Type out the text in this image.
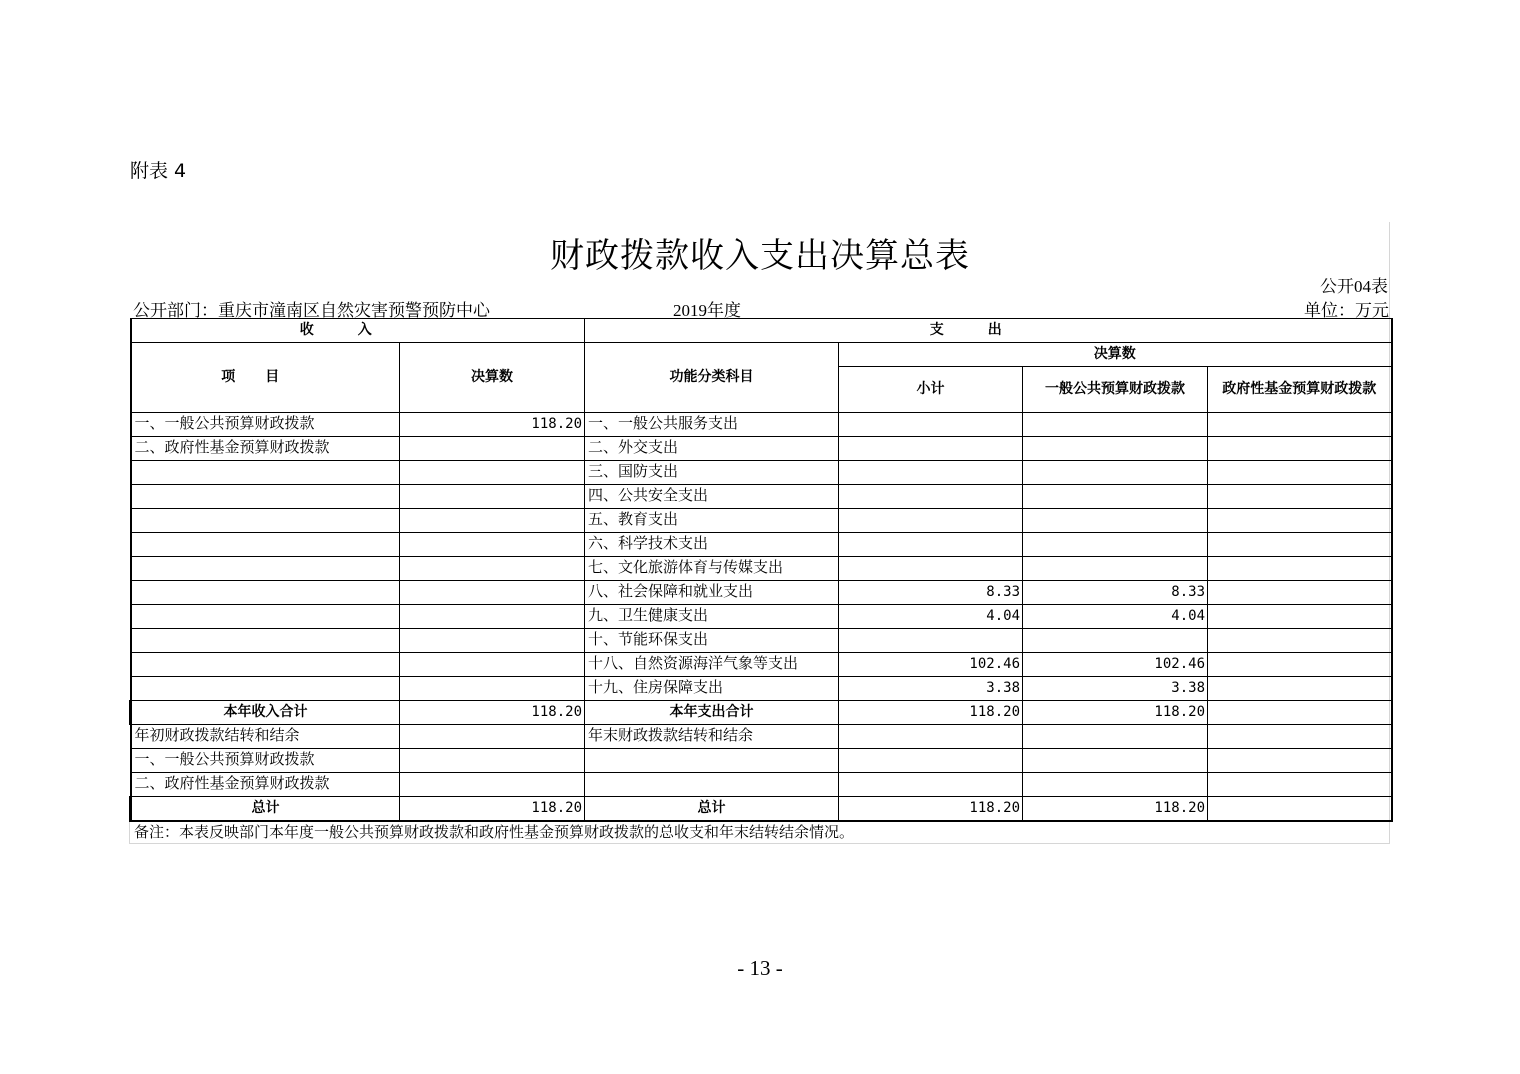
附表 4
财政拨款收入支出决算总表
公开04表
公开部门：重庆市潼南区自然灾害预警预防中心	2019年度	单位：万元
收入		支出			
项目	决算数	功能分类科目	决算数		
			小计	一般公共预算财政拨款	政府性基金预算财政拨款
一、一般公共预算财政拨款	118.20	一、一般公共服务支出			
二、政府性基金预算财政拨款		二、外交支出			
		三、国防支出			
		四、公共安全支出			
		五、教育支出			
		六、科学技术支出			
		七、文化旅游体育与传媒支出			
		八、社会保障和就业支出	8.33	8.33	
		九、卫生健康支出	4.04	4.04	
		十、节能环保支出			
		十八、自然资源海洋气象等支出	102.46	102.46	
		十九、住房保障支出	3.38	3.38	
本年收入合计	118.20	本年支出合计	118.20	118.20	
年初财政拨款结转和结余		年末财政拨款结转和结余			
一、一般公共预算财政拨款					
二、政府性基金预算财政拨款					
总计	118.20	总计	118.20	118.20	
备注：本表反映部门本年度一般公共预算财政拨款和政府性基金预算财政拨款的总收支和年末结转结余情况。
- 13 -
